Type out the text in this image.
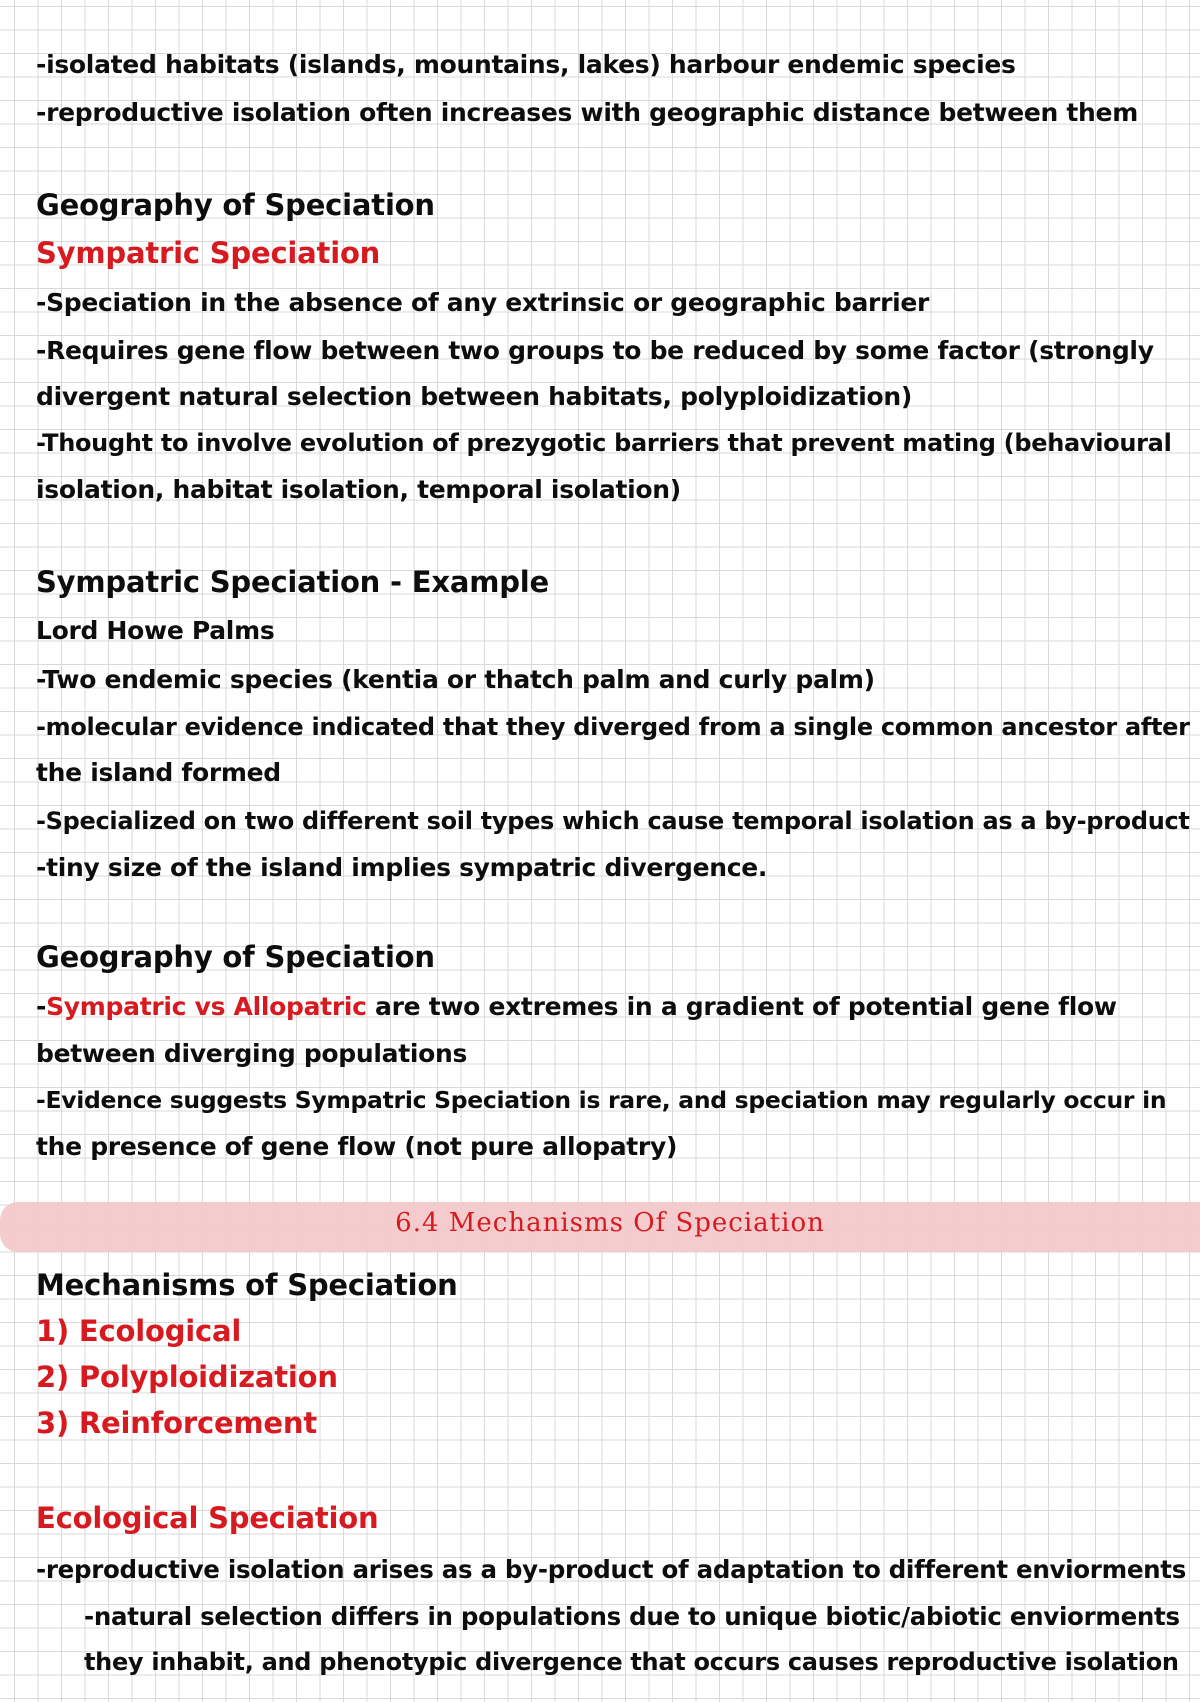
-isolated habitats (islands, mountains, lakes) harbour endemic species

-reproductive isolation often increases with geographic distance between them

Geography of Speciation

Sympatric Speciation

-Speciation in the absence of any extrinsic or geographic barrier

-Requires gene flow between two groups to be reduced by some factor (strongly

divergent natural selection between habitats, polyploidization)

-Thought to involve evolution of prezygotic barriers that prevent mating (behavioural

isolation, habitat isolation, temporal isolation)

Sympatric Speciation - Example

Lord Howe Palms

-Two endemic species (kentia or thatch palm and curly palm)

-molecular evidence indicated that they diverged from a single common ancestor after

the island formed

-Specialized on two different soil types which cause temporal isolation as a by-product

-tiny size of the island implies sympatric divergence.

Geography of Speciation

-Sympatric vs Allopatric are two extremes in a gradient of potential gene flow

between diverging populations

-Evidence suggests Sympatric Speciation is rare, and speciation may regularly occur in

the presence of gene flow (not pure allopatry)

6.4 Mechanisms Of Speciation

Mechanisms of Speciation

1) Ecological

2) Polyploidization

3) Reinforcement

Ecological Speciation

-reproductive isolation arises as a by-product of adaptation to different enviorments

-natural selection differs in populations due to unique biotic/abiotic enviorments

they inhabit, and phenotypic divergence that occurs causes reproductive isolation
